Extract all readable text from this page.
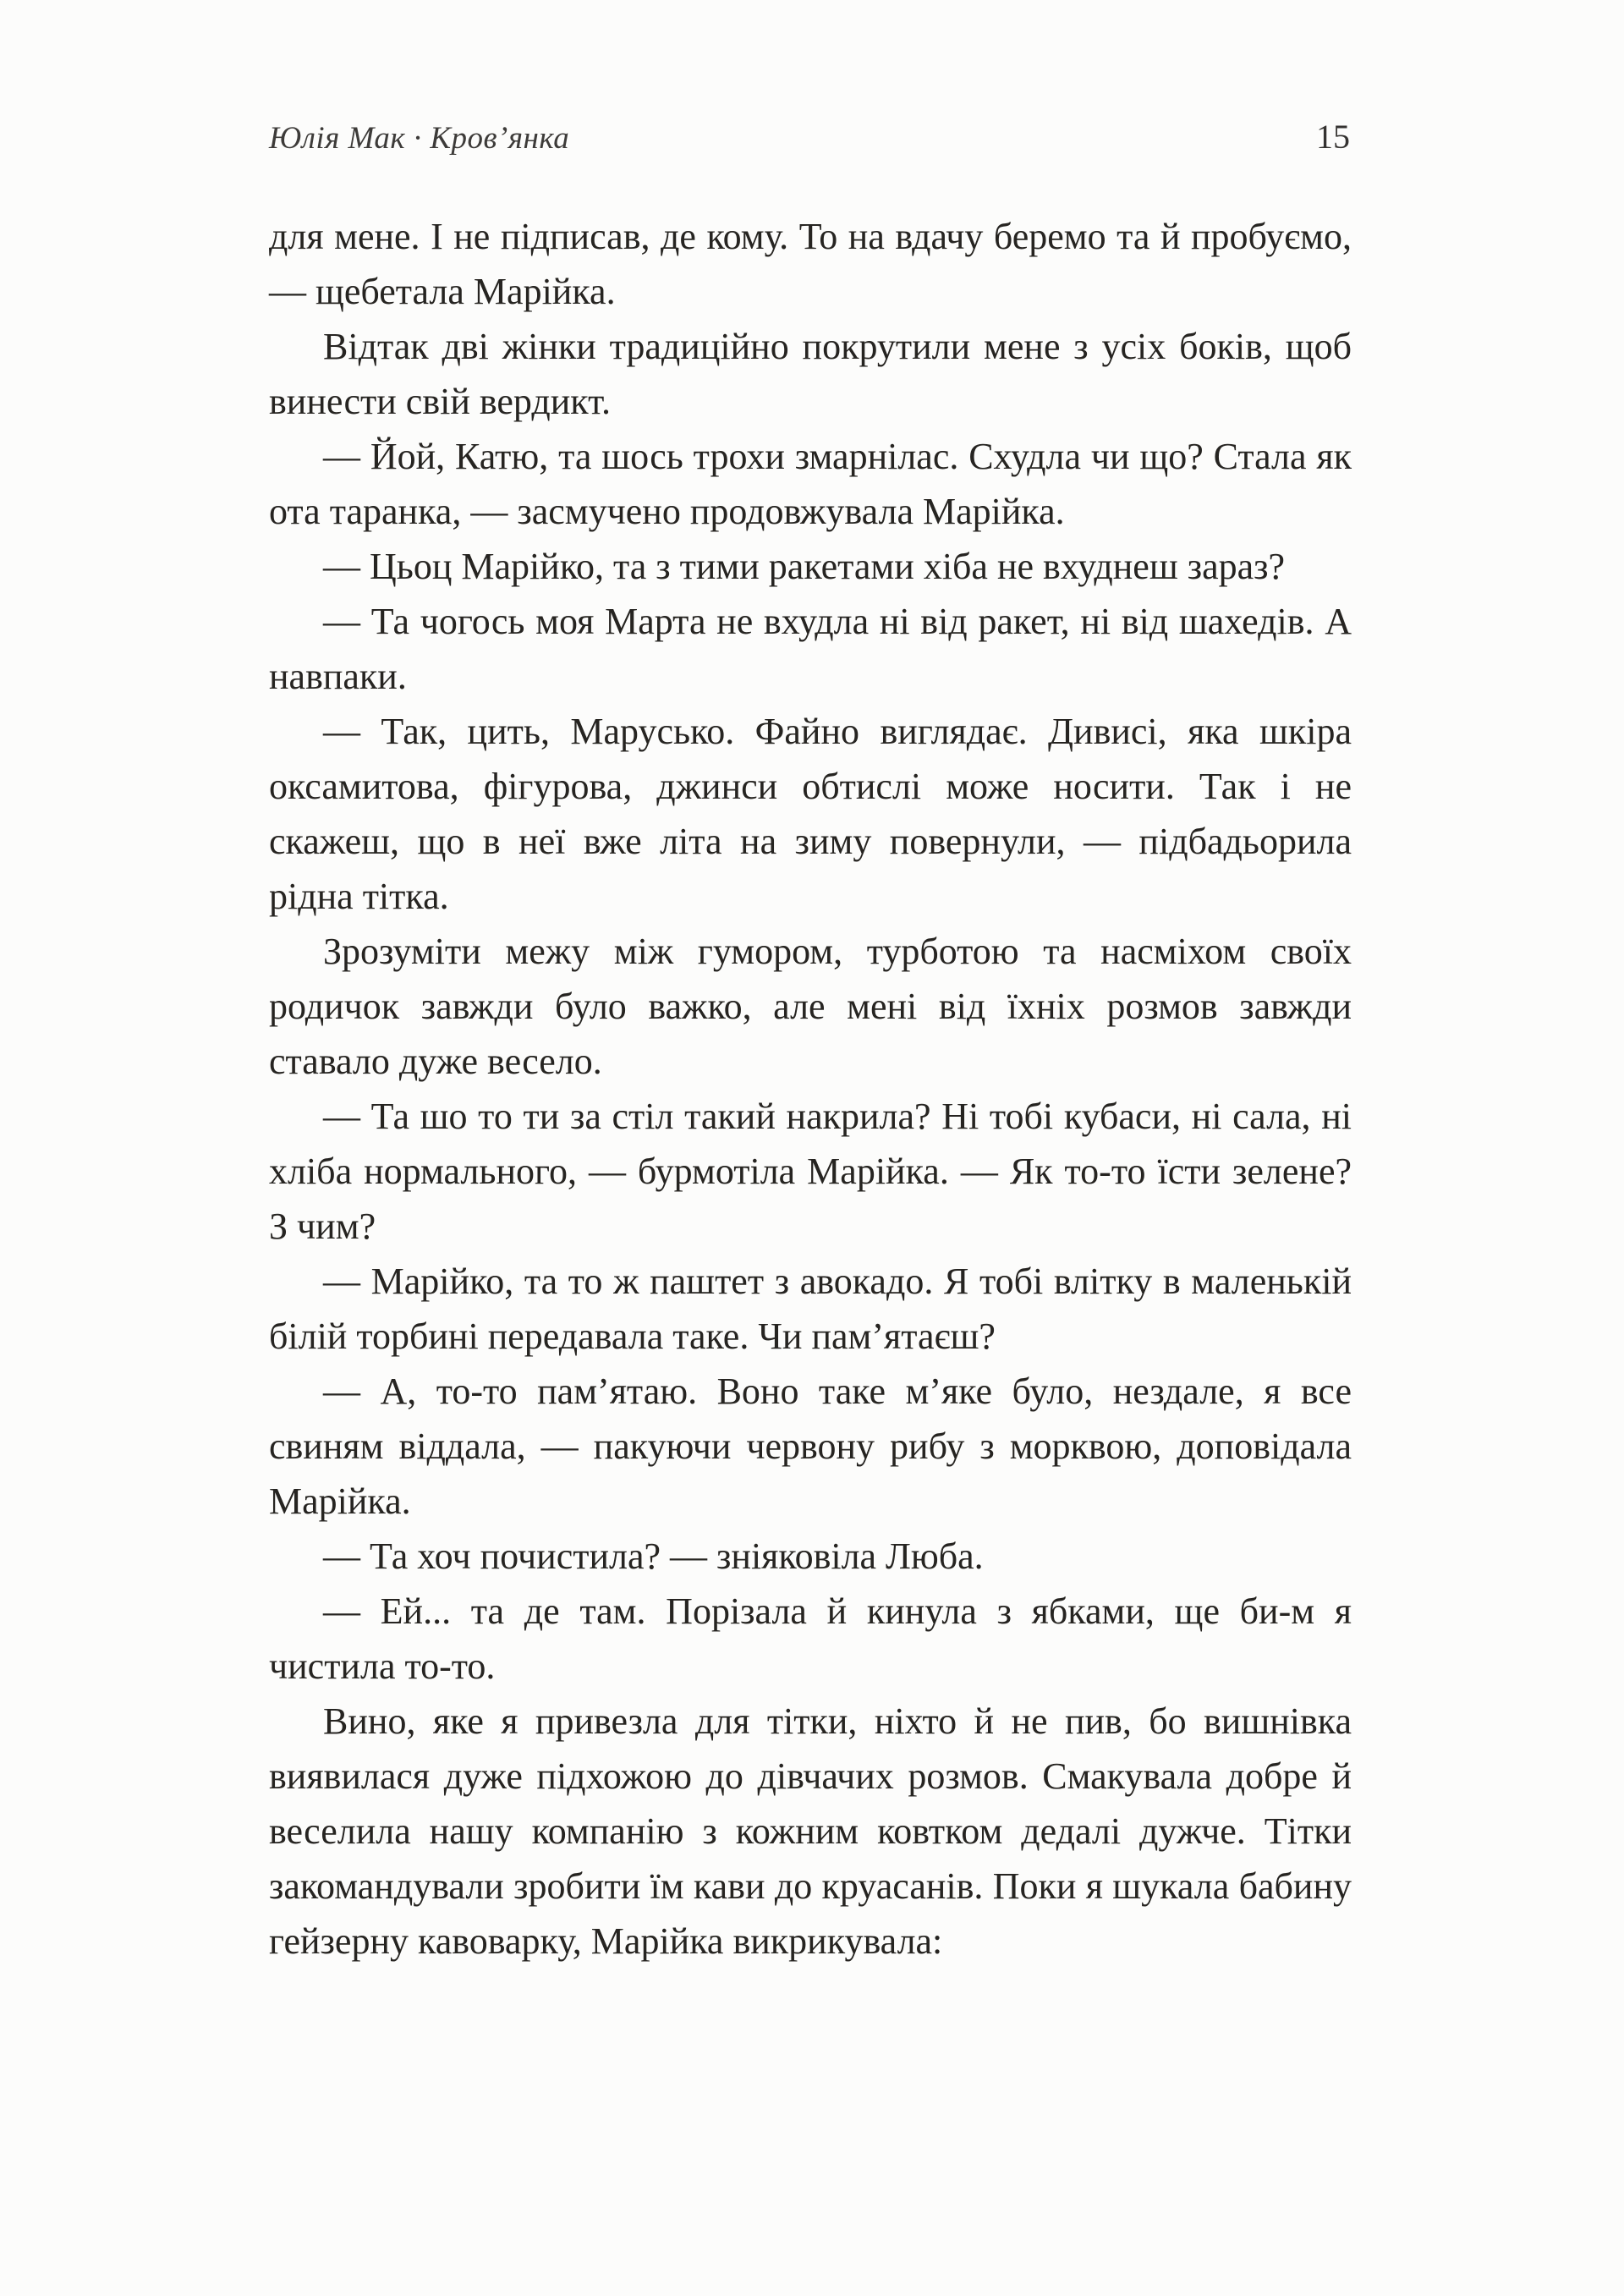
Юлія Мак · Кров’янка	15

для мене. І не підписав, де кому. То на вдачу беремо та й пробуємо, — щебетала Марійка.

Відтак дві жінки традиційно покрутили мене з усіх боків, щоб винести свій вердикт.

— Йой, Катю, та шось трохи змарнілас. Схудла чи що? Стала як ота таранка, — засмучено продовжувала Марійка.

— Цьоц Марійко, та з тими ракетами хіба не вхуднеш зараз?

— Та чогось моя Марта не вхудла ні від ракет, ні від шахедів. А навпаки.

— Так, цить, Марусько. Файно виглядає. Дивисі, яка шкіра оксамитова, фігурова, джинси обтислі може носити. Так і не скажеш, що в неї вже літа на зиму повернули, — підбадьорила рідна тітка.

Зрозуміти межу між гумором, турботою та насміхом своїх родичок завжди було важко, але мені від їхніх розмов завжди ставало дуже весело.

— Та шо то ти за стіл такий накрила? Ні тобі кубаси, ні сала, ні хліба нормального, — бурмотіла Марійка. — Як то-то їсти зелене? З чим?

— Марійко, та то ж паштет з авокадо. Я тобі влітку в маленькій білій торбині передавала таке. Чи пам’ятаєш?

— А, то-то пам’ятаю. Воно таке м’яке було, нездале, я все свиням віддала, — пакуючи червону рибу з морквою, доповідала Марійка.

— Та хоч почистила? — зніяковіла Люба.

— Ей... та де там. Порізала й кинула з ябками, ще би-м я чистила то-то.

Вино, яке я привезла для тітки, ніхто й не пив, бо вишнівка виявилася дуже підхожою до дівчачих розмов. Смакувала добре й веселила нашу компанію з кожним ковтком дедалі дужче. Тітки закомандували зробити їм кави до круасанів. Поки я шукала бабину гейзерну кавоварку, Марійка викрикувала:
